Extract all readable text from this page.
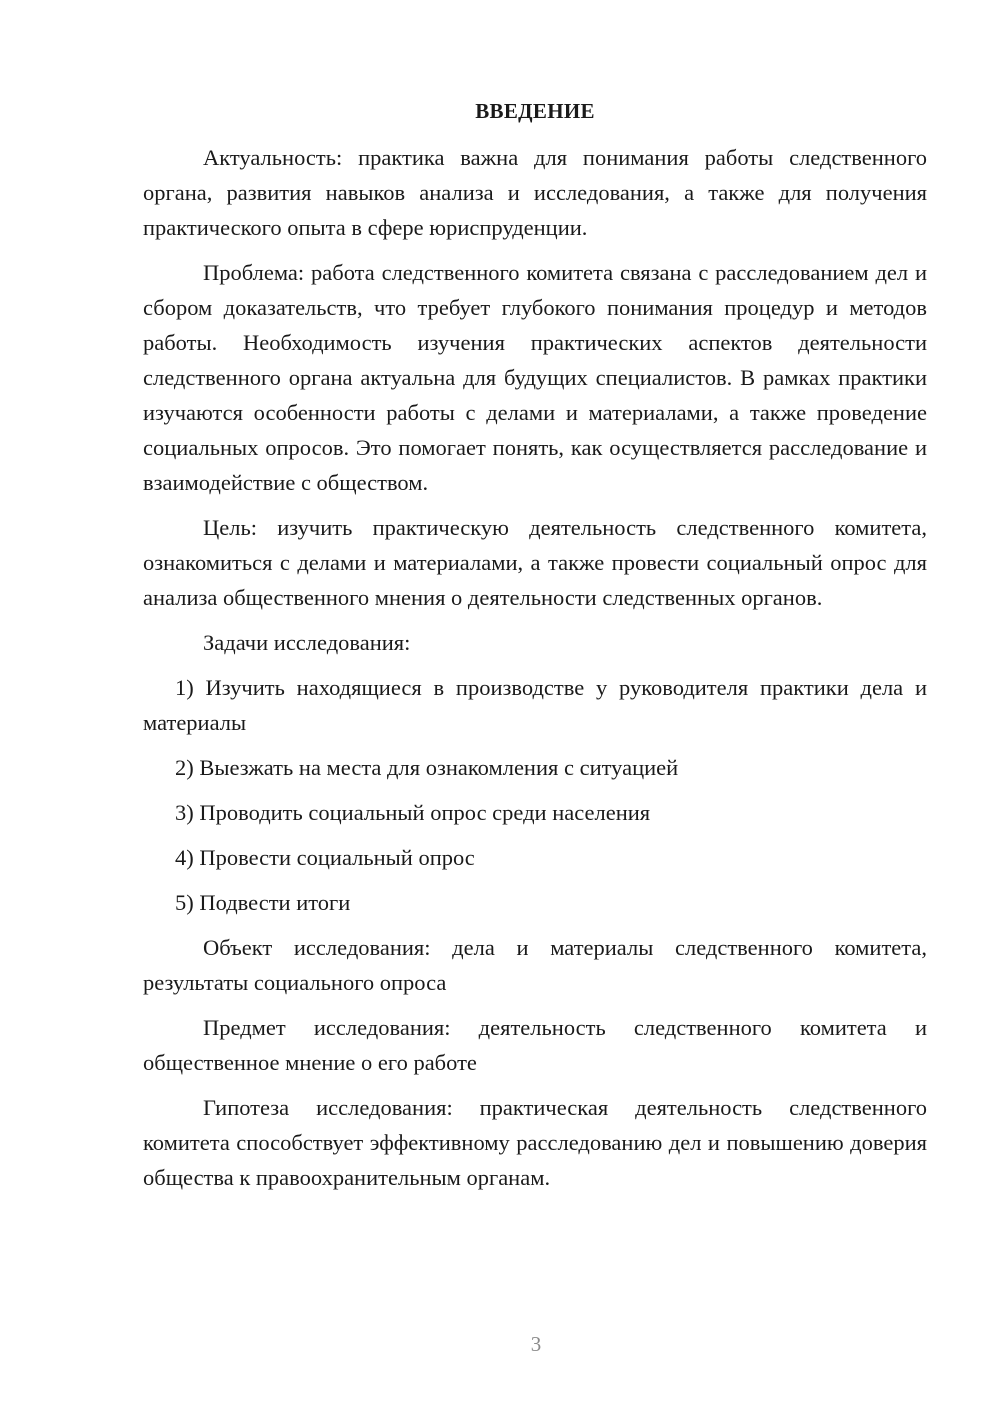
ВВЕДЕНИЕ

Актуальность: практика важна для понимания работы следственного органа, развития навыков анализа и исследования, а также для получения практического опыта в сфере юриспруденции.

Проблема: работа следственного комитета связана с расследованием дел и сбором доказательств, что требует глубокого понимания процедур и методов работы. Необходимость изучения практических аспектов деятельности следственного органа актуальна для будущих специалистов. В рамках практики изучаются особенности работы с делами и материалами, а также проведение социальных опросов. Это помогает понять, как осуществляется расследование и взаимодействие с обществом.

Цель: изучить практическую деятельность следственного комитета, ознакомиться с делами и материалами, а также провести социальный опрос для анализа общественного мнения о деятельности следственных органов.

Задачи исследования:

1) Изучить находящиеся в производстве у руководителя практики дела и материалы
2) Выезжать на места для ознакомления с ситуацией
3) Проводить социальный опрос среди населения
4) Провести социальный опрос
5) Подвести итоги

Объект исследования: дела и материалы следственного комитета, результаты социального опроса

Предмет исследования: деятельность следственного комитета и общественное мнение о его работе

Гипотеза исследования: практическая деятельность следственного комитета способствует эффективному расследованию дел и повышению доверия общества к правоохранительным органам.

3
